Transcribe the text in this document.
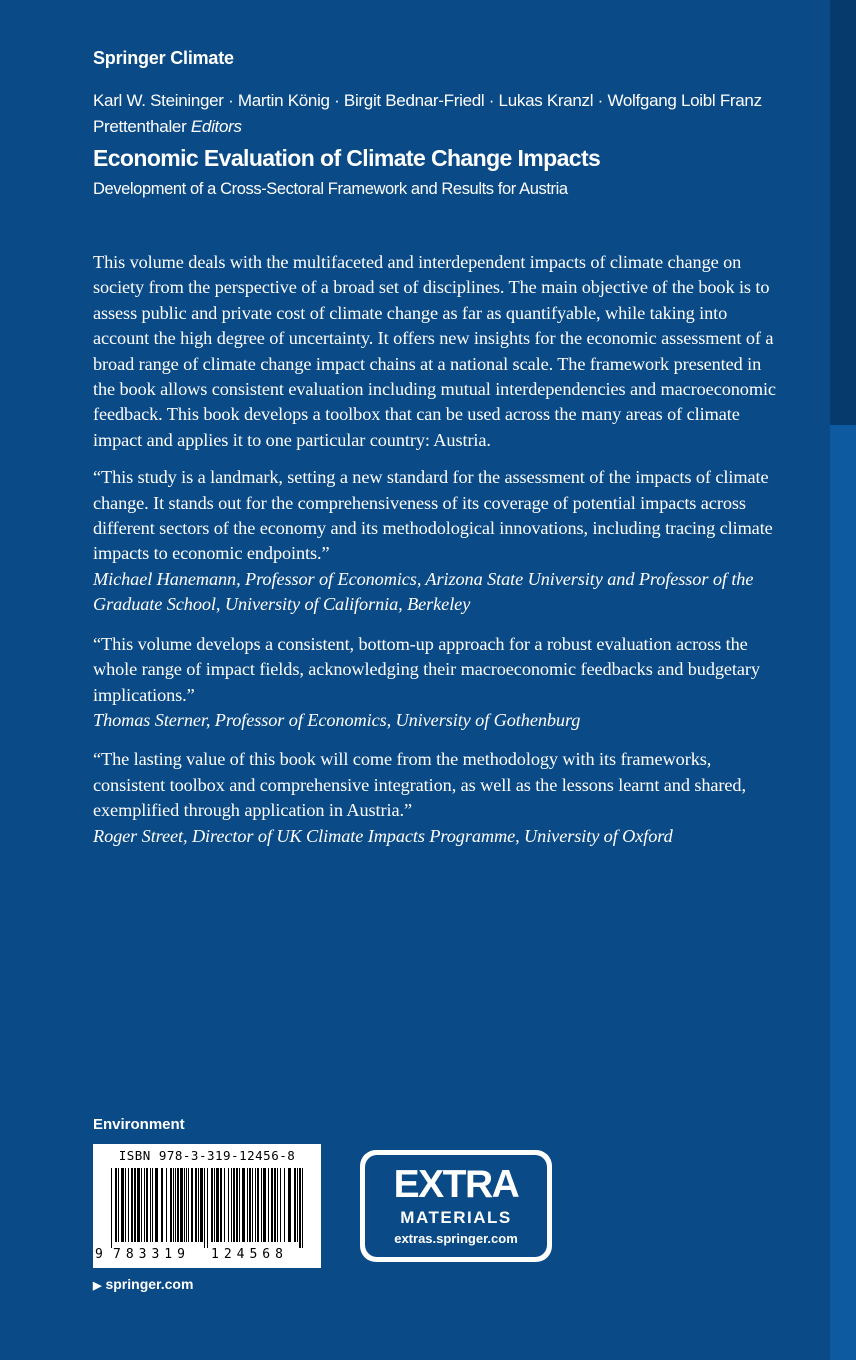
Springer Climate
Karl W. Steininger · Martin König · Birgit Bednar-Friedl · Lukas Kranzl · Wolfgang Loibl Franz Prettenthaler Editors
Economic Evaluation of Climate Change Impacts
Development of a Cross-Sectoral Framework and Results for Austria

This volume deals with the multifaceted and interdependent impacts of climate change on society from the perspective of a broad set of disciplines. The main objective of the book is to assess public and private cost of climate change as far as quantifyable, while taking into account the high degree of uncertainty. It offers new insights for the economic assessment of a broad range of climate change impact chains at a national scale. The framework presented in the book allows consistent evaluation including mutual interdependencies and macroeconomic feedback. This book develops a toolbox that can be used across the many areas of climate impact and applies it to one particular country: Austria.

“This study is a landmark, setting a new standard for the assessment of the impacts of climate change. It stands out for the comprehensiveness of its coverage of potential impacts across different sectors of the economy and its methodological innovations, including tracing climate impacts to economic endpoints.”
Michael Hanemann, Professor of Economics, Arizona State University and Professor of the Graduate School, University of California, Berkeley
“This volume develops a consistent, bottom-up approach for a robust evaluation across the whole range of impact fields, acknowledging their macroeconomic feedbacks and budgetary implications.”
Thomas Sterner, Professor of Economics, University of Gothenburg
“The lasting value of this book will come from the methodology with its frameworks, consistent toolbox and comprehensive integration, as well as the lessons learnt and shared, exemplified through application in Austria.”
Roger Street, Director of UK Climate Impacts Programme, University of Oxford
Environment
ISBN 978-3-319-12456-8
9 783319 124568
EXTRA
MATERIALS
extras.springer.com
▶ springer.com
